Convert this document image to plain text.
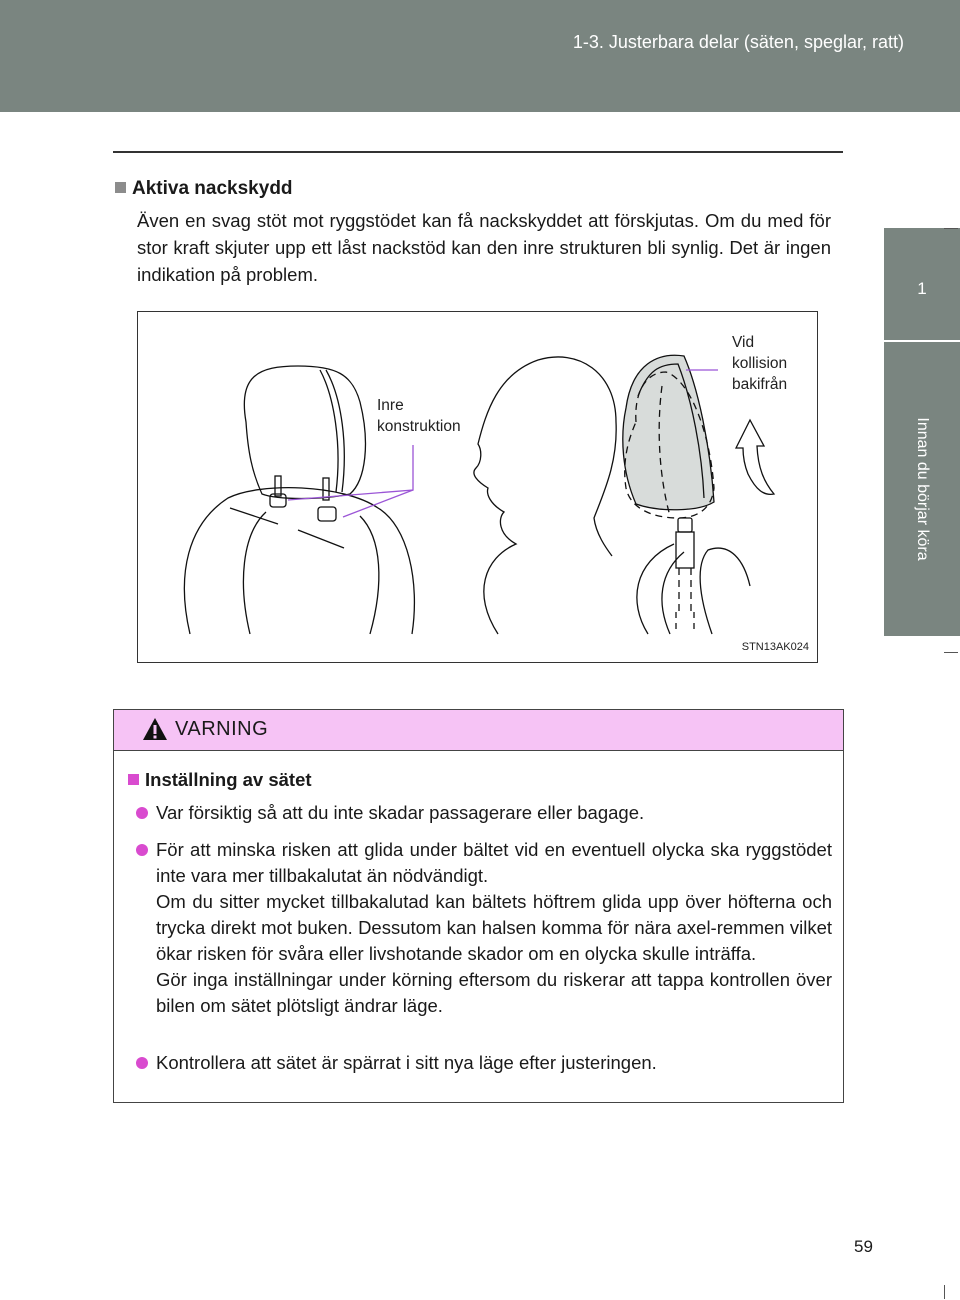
1-3. Justerbara delar (säten, speglar, ratt)
1
Innan du börjar köra
Aktiva nackskydd
Även en svag stöt mot ryggstödet kan få nackskyddet att förskjutas. Om du med för stor kraft skjuter upp ett låst nackstöd kan den inre strukturen bli synlig. Det är ingen indikation på problem.
Inre
konstruktion
Vid
kollision
bakifrån
STN13AK024
VARNING
Inställning av sätet
Var försiktig så att du inte skadar passagerare eller bagage.
För att minska risken att glida under bältet vid en eventuell olycka ska ryggstödet inte vara mer tillbakalutat än nödvändigt.
Om du sitter mycket tillbakalutad kan bältets höftrem glida upp över höfterna och trycka direkt mot buken. Dessutom kan halsen komma för nära axel-remmen vilket ökar risken för svåra eller livshotande skador om en olycka skulle inträffa.
Gör inga inställningar under körning eftersom du riskerar att tappa kontrollen över bilen om sätet plötsligt ändrar läge.
Kontrollera att sätet är spärrat i sitt nya läge efter justeringen.
59
